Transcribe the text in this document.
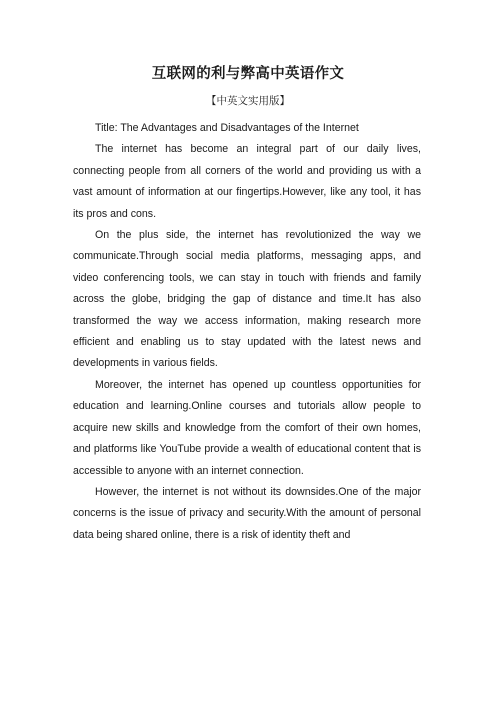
互联网的利与弊高中英语作文
【中英文实用版】

Title: The Advantages and Disadvantages of the Internet

The internet has become an integral part of our daily lives, connecting people from all corners of the world and providing us with a vast amount of information at our fingertips.However, like any tool, it has its pros and cons.

On the plus side, the internet has revolutionized the way we communicate.Through social media platforms, messaging apps, and video conferencing tools, we can stay in touch with friends and family across the globe, bridging the gap of distance and time.It has also transformed the way we access information, making research more efficient and enabling us to stay updated with the latest news and developments in various fields.

Moreover, the internet has opened up countless opportunities for education and learning.Online courses and tutorials allow people to acquire new skills and knowledge from the comfort of their own homes, and platforms like YouTube provide a wealth of educational content that is accessible to anyone with an internet connection.

However, the internet is not without its downsides.One of the major concerns is the issue of privacy and security.With the amount of personal data being shared online, there is a risk of identity theft and
